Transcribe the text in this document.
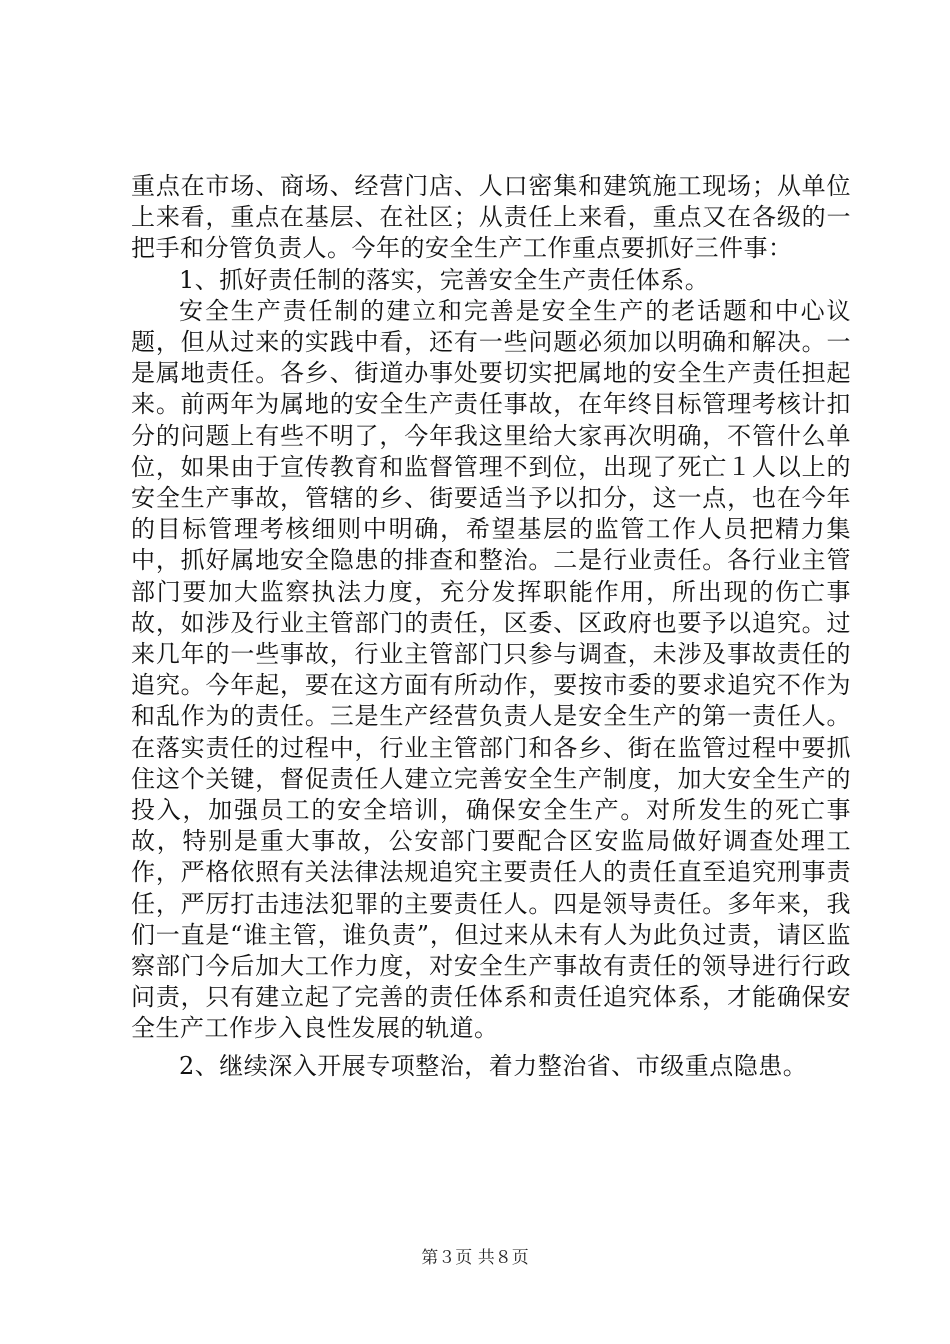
重点在市场、商场、经营门店、人口密集和建筑施工现场；从单位上来看，重点在基层、在社区；从责任上来看，重点又在各级的一把手和分管负责人。今年的安全生产工作重点要抓好三件事：

1、抓好责任制的落实，完善安全生产责任体系。

安全生产责任制的建立和完善是安全生产的老话题和中心议题，但从过来的实践中看，还有一些问题必须加以明确和解决。一是属地责任。各乡、街道办事处要切实把属地的安全生产责任担起来。前两年为属地的安全生产责任事故，在年终目标管理考核计扣分的问题上有些不明了，今年我这里给大家再次明确，不管什么单位，如果由于宣传教育和监督管理不到位，出现了死亡１人以上的安全生产事故，管辖的乡、街要适当予以扣分，这一点，也在今年的目标管理考核细则中明确，希望基层的监管工作人员把精力集中，抓好属地安全隐患的排查和整治。二是行业责任。各行业主管部门要加大监察执法力度，充分发挥职能作用，所出现的伤亡事故，如涉及行业主管部门的责任，区委、区政府也要予以追究。过来几年的一些事故，行业主管部门只参与调查，未涉及事故责任的追究。今年起，要在这方面有所动作，要按市委的要求追究不作为和乱作为的责任。三是生产经营负责人是安全生产的第一责任人。在落实责任的过程中，行业主管部门和各乡、街在监管过程中要抓住这个关键，督促责任人建立完善安全生产制度，加大安全生产的投入，加强员工的安全培训，确保安全生产。对所发生的死亡事故，特别是重大事故，公安部门要配合区安监局做好调查处理工作，严格依照有关法律法规追究主要责任人的责任直至追究刑事责任，严厉打击违法犯罪的主要责任人。四是领导责任。多年来，我们一直是“谁主管，谁负责”，但过来从未有人为此负过责，请区监察部门今后加大工作力度，对安全生产事故有责任的领导进行行政问责，只有建立起了完善的责任体系和责任追究体系，才能确保安全生产工作步入良性发展的轨道。

2、继续深入开展专项整治，着力整治省、市级重点隐患。

第３页 共８页
